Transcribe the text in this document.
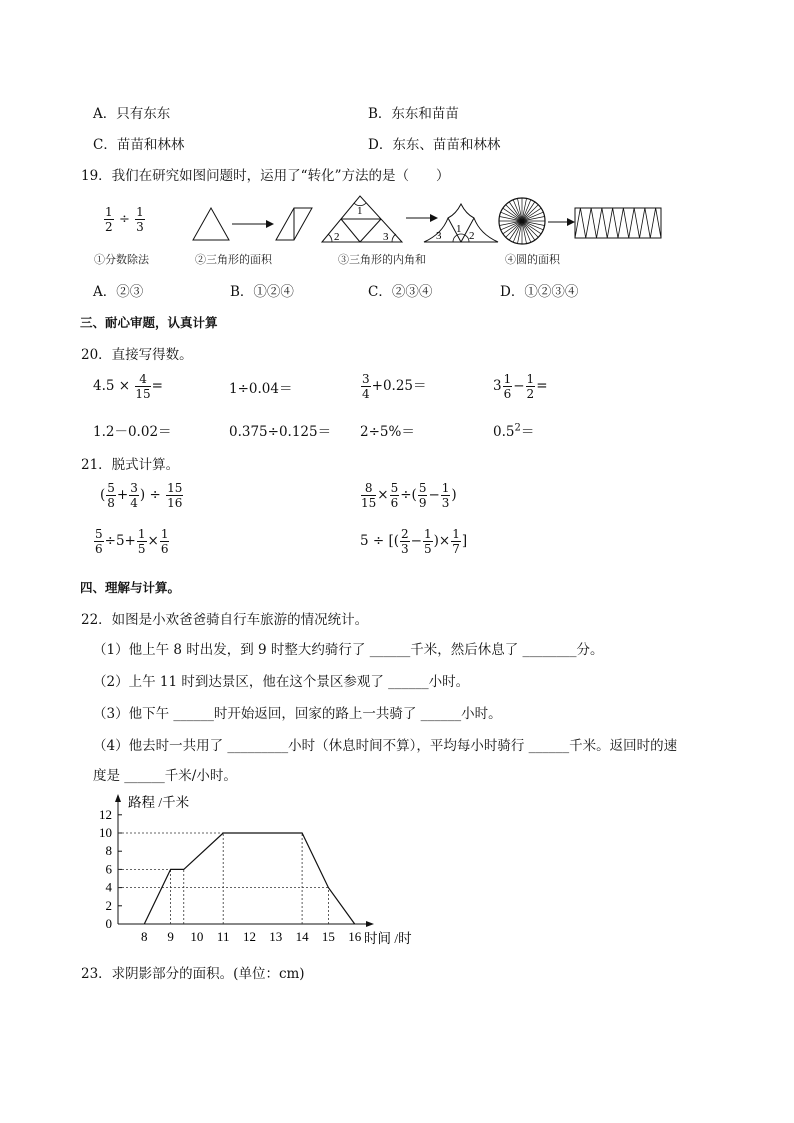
A．只有东东	B．东东和苗苗
C．苗苗和林林	D．东东、苗苗和林林
19．我们在研究如图问题时，运用了“转化”方法的是（　　）
$\frac{1}{2} \div \frac{1}{3}$
①分数除法	②三角形的面积
1
2	3	3
1
2
③三角形的内角和	④圆的面积
A．②③	B．①②④	C．②③④	D．①②③④
三、耐心审题，认真计算
20．直接写得数。
$4.5 \times \frac{4}{15}$ =	1÷0.04＝	$\frac{3}{4} +0.25=$	$3 \frac{1}{6} - \frac{1}{2}$ =
1.2－0.02＝	0.375÷0.125＝ 2÷5%＝	$0.5^2=$
21．脱式计算。
( $\frac{5}{8} + \frac{3}{4}$ ) ÷ $\frac{15}{16}$	$\frac{8}{15} \times \frac{5}{6}$ ÷( $\frac{5}{9} - \frac{1}{3}$ )
$\frac{5}{6} \div 5+ \frac{1}{5} \times \frac{1}{6}$	5 ÷ [( $\frac{2}{3} - \frac{1}{5}$ )× $\frac{1}{7}$ ]
四、理解与计算。
22．如图是小欢爸爸骑自行车旅游的情况统计。
（1）他上午 8 时出发，到 9 时整大约骑行了 ______千米，然后休息了 ________分。
（2）上午 11 时到达景区，他在这个景区参观了 ______小时。
（3）他下午 ______时开始返回，回家的路上一共骑了 ______小时。
（4）他去时一共用了 _________小时（休息时间不算），平均每小时骑行 ______千米。返回时的速
度是 ______千米/小时。
0
2
4
6
8
10
12
8 9 10 11 12 13 14 15 16
路程 /千米
时间 /时
23．求阴影部分的面积。(单位：cm)
